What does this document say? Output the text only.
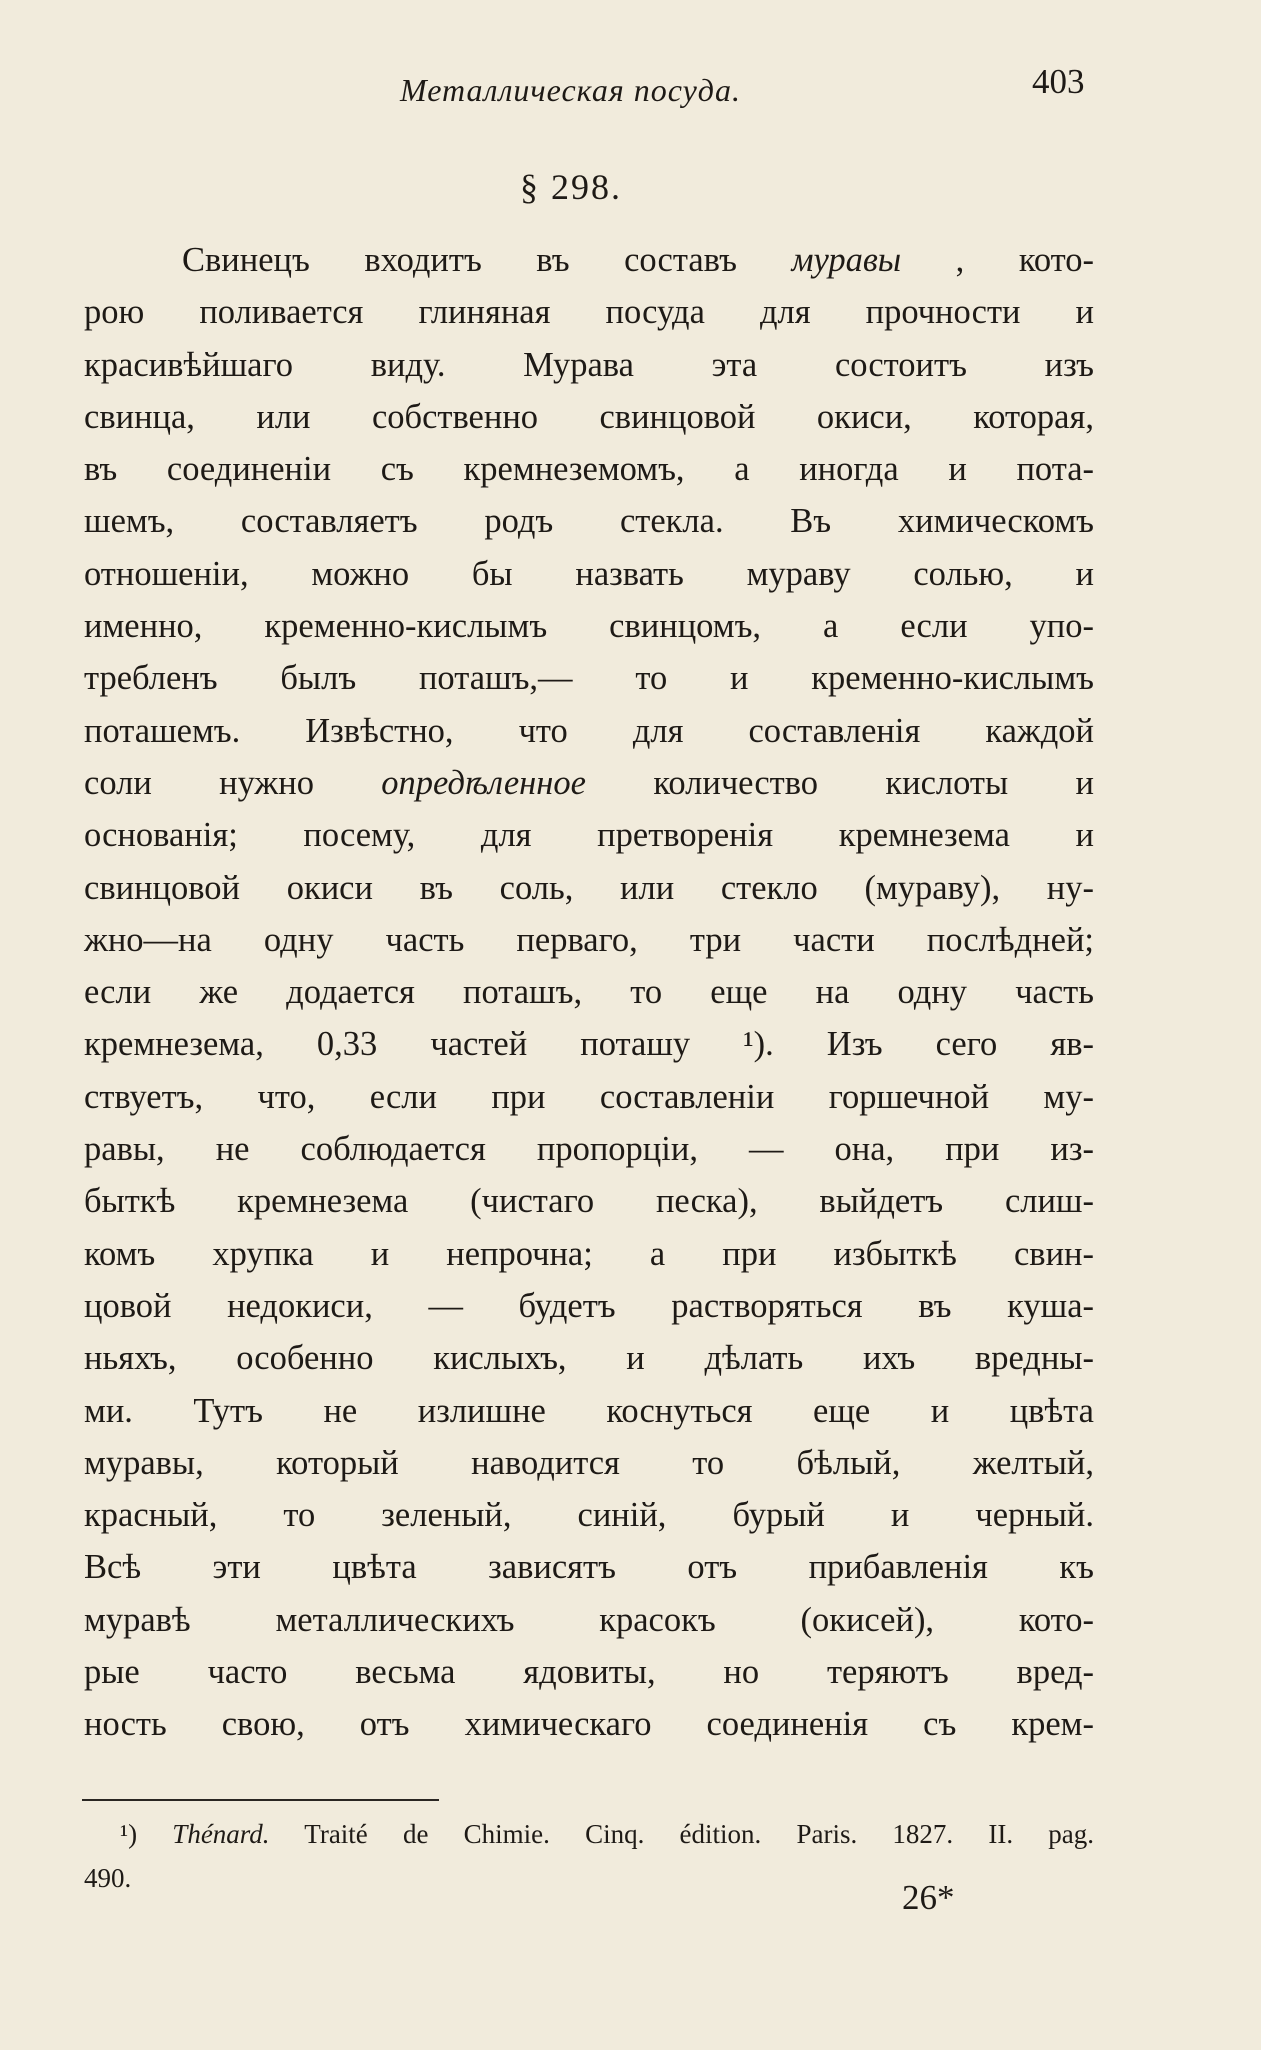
Металлическая посуда.	403
§ 298.
Свинецъ входитъ въ составъ муравы , кото-
рою поливается глиняная посуда для прочности и
красивѣйшаго виду. Мурава эта состоитъ изъ
свинца, или собственно свинцовой окиси, которая,
въ соединеніи съ кремнеземомъ, а иногда и пота-
шемъ, составляетъ родъ стекла. Въ химическомъ
отношеніи, можно бы назвать мураву солью, и
именно, кременно-кислымъ свинцомъ, а если упо-
требленъ былъ поташъ,— то и кременно-кислымъ
поташемъ. Извѣстно, что для составленія каждой
соли нужно опредѣленное количество кислоты и
основанія; посему, для претворенія кремнезема и
свинцовой окиси въ соль, или стекло (мураву), ну-
жно—на одну часть перваго, три части послѣдней;
если же додается поташъ, то еще на одну часть
кремнезема, 0,33 частей поташу ¹). Изъ сего яв-
ствуетъ, что, если при составленіи горшечной му-
равы, не соблюдается пропорціи, — она, при из-
быткѣ кремнезема (чистаго песка), выйдетъ слиш-
комъ хрупка и непрочна; а при избыткѣ свин-
цовой недокиси, — будетъ растворяться въ куша-
ньяхъ, особенно кислыхъ, и дѣлать ихъ вредны-
ми. Тутъ не излишне коснуться еще и цвѣта
муравы, который наводится то бѣлый, желтый,
красный, то зеленый, синій, бурый и черный.
Всѣ эти цвѣта зависятъ отъ прибавленія къ
муравѣ металлическихъ красокъ (окисей), кото-
рые часто весьма ядовиты, но теряютъ вред-
ность свою, отъ химическаго соединенія съ крем-
¹) Thénard. Traité de Chimie. Cinq. édition. Paris. 1827. II. pag.
490.	26*
